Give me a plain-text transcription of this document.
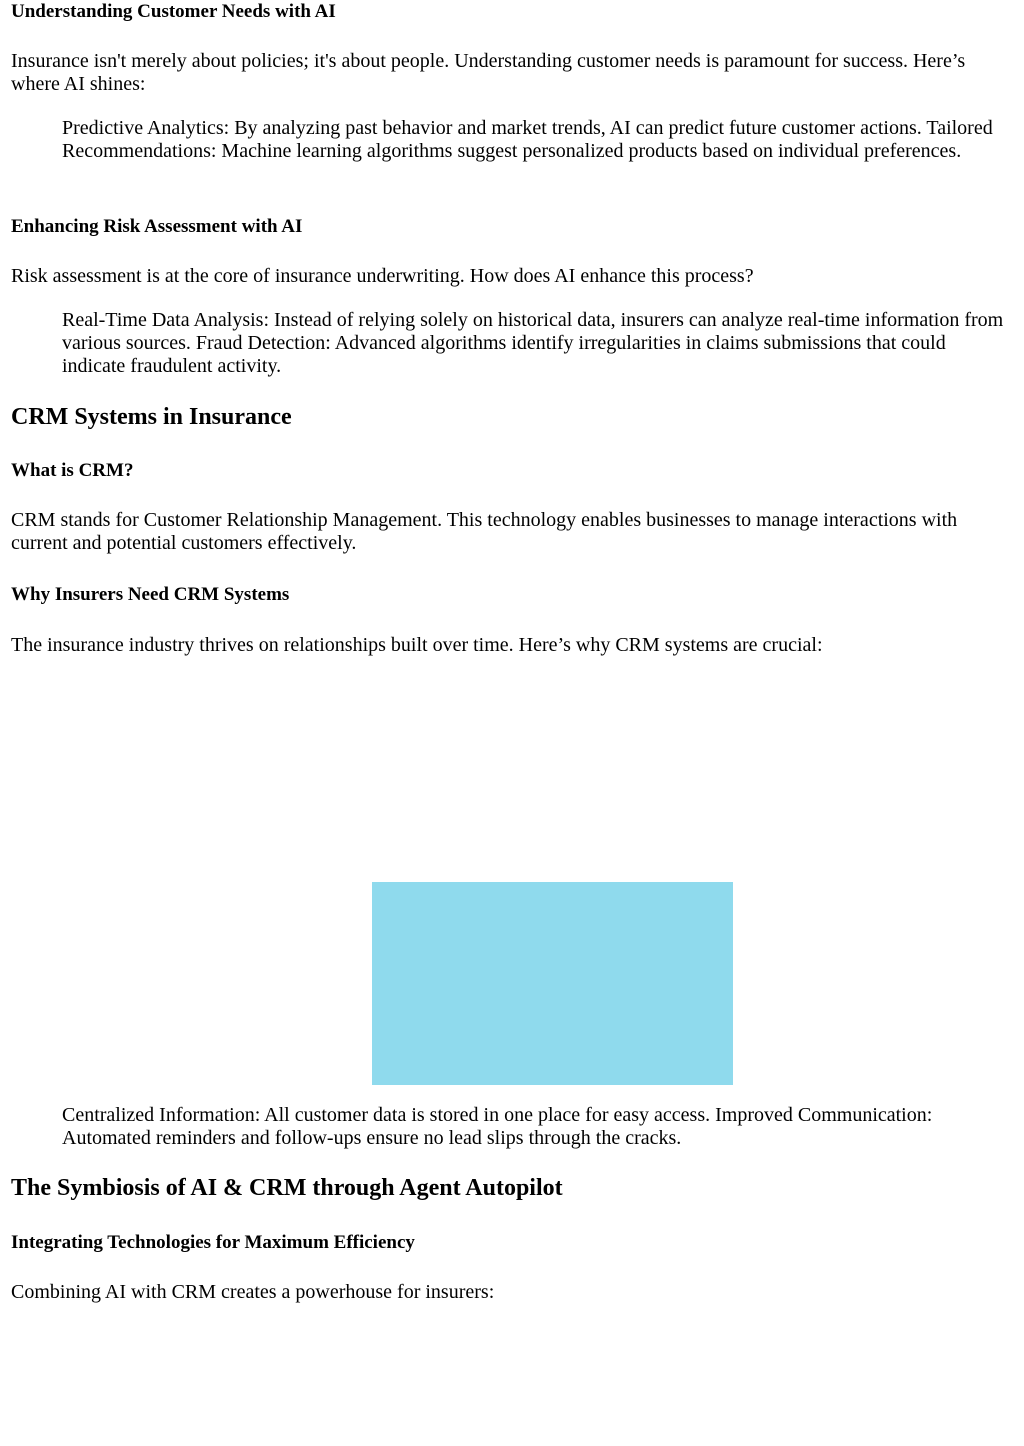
Understanding Customer Needs with AI

Insurance isn't merely about policies; it's about people. Understanding customer needs is paramount for success. Here’s where AI shines:

Predictive Analytics: By analyzing past behavior and market trends, AI can predict future customer actions. Tailored Recommendations: Machine learning algorithms suggest personalized products based on individual preferences.
Enhancing Risk Assessment with AI

Risk assessment is at the core of insurance underwriting. How does AI enhance this process?

Real-Time Data Analysis: Instead of relying solely on historical data, insurers can analyze real-time information from various sources. Fraud Detection: Advanced algorithms identify irregularities in claims submissions that could indicate fraudulent activity.
CRM Systems in Insurance
What is CRM?

CRM stands for Customer Relationship Management. This technology enables businesses to manage interactions with current and potential customers effectively.

Why Insurers Need CRM Systems

The insurance industry thrives on relationships built over time. Here’s why CRM systems are crucial:

Centralized Information: All customer data is stored in one place for easy access. Improved Communication: Automated reminders and follow-ups ensure no lead slips through the cracks.
The Symbiosis of AI & CRM through Agent Autopilot
Integrating Technologies for Maximum Efficiency

Combining AI with CRM creates a powerhouse for insurers:
